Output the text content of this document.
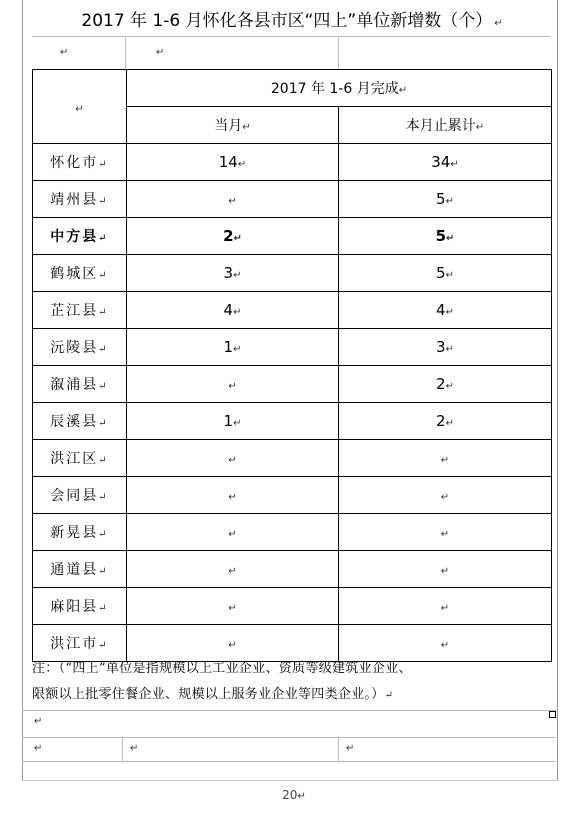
2017 年 1-6 月怀化各县市区“四上”单位新增数（个） ↵
↵	↵
↵	2017 年 1-6 月完成↵	
	当月↵	本月止累计↵
怀化市↵	14↵	34↵
靖州县↵	↵	5↵
中方县↵	2↵	5↵
鹤城区↵	3↵	5↵
芷江县↵	4↵	4↵
沅陵县↵	1↵	3↵
溆浦县↵	↵	2↵
辰溪县↵	1↵	2↵
洪江区↵	↵	↵
会同县↵	↵	↵
新晃县↵	↵	↵
通道县↵	↵	↵
麻阳县↵	↵	↵
洪江市↵	↵	↵
注：（“四上”单位是指规模以上工业企业、资质等级建筑业企业、
限额以上批零住餐企业、规模以上服务业企业等四类企业。）↵
↵
↵	↵	↵
20↵
